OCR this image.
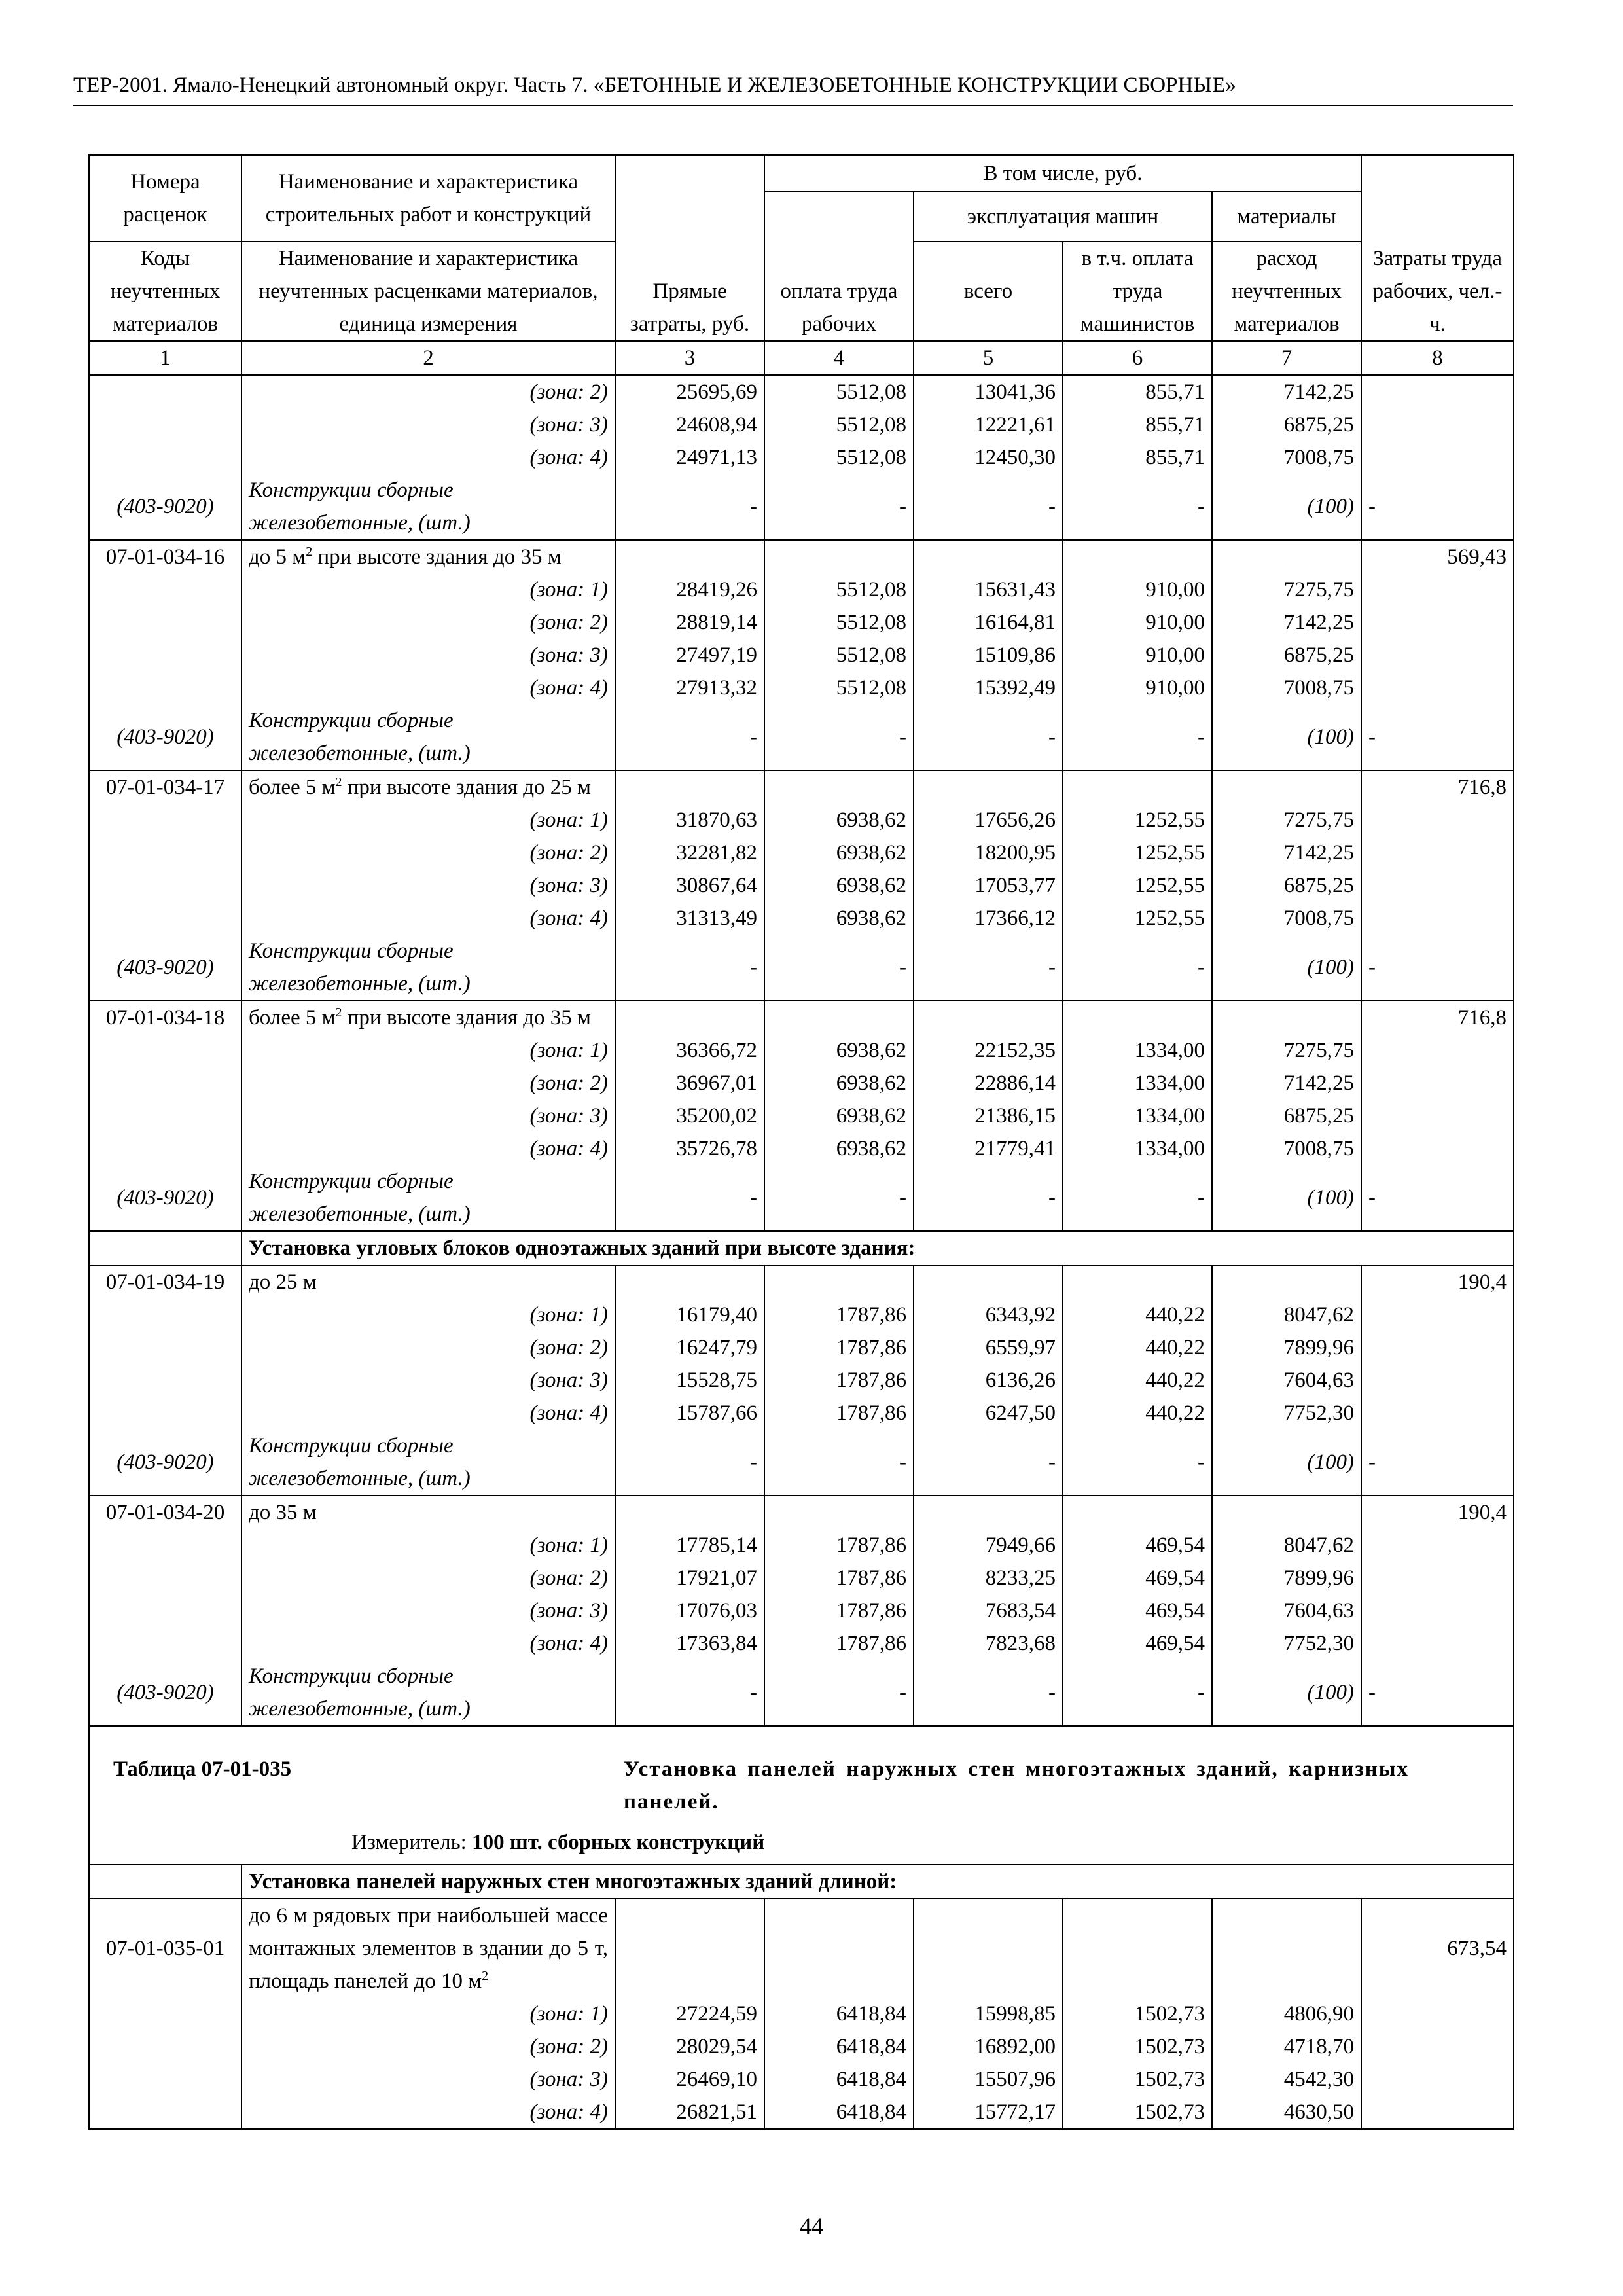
ТЕР-2001. Ямало-Ненецкий автономный округ. Часть 7. «БЕТОННЫЕ И ЖЕЛЕЗОБЕТОННЫЕ КОНСТРУКЦИИ СБОРНЫЕ»
Номера расценок	Наименование и характеристика строительных работ и конструкций	Прямые затраты, руб.	В том числе, руб.				Затраты труда рабочих, чел.-ч.
			оплата труда рабочих	эксплуатация машин		материалы	
Коды неучтенных материалов	Наименование и характеристика неучтенных расценками материалов, единица измерения			всего	в т.ч. оплата труда машинистов	расход неучтенных материалов	
1	2	3	4	5	6	7	8
	(зона: 2)	25695,69	5512,08	13041,36	855,71	7142,25	
	(зона: 3)	24608,94	5512,08	12221,61	855,71	6875,25	
	(зона: 4)	24971,13	5512,08	12450,30	855,71	7008,75	
(403-9020)	Конструкции сборные железобетонные, (шт.)	-	-	-	-	(100)	-
07-01-034-16	до 5 $м^2$ при высоте здания до 35 м						569,43
	(зона: 1)	28419,26	5512,08	15631,43	910,00	7275,75	
	(зона: 2)	28819,14	5512,08	16164,81	910,00	7142,25	
	(зона: 3)	27497,19	5512,08	15109,86	910,00	6875,25	
	(зона: 4)	27913,32	5512,08	15392,49	910,00	7008,75	
(403-9020)	Конструкции сборные железобетонные, (шт.)	-	-	-	-	(100)	-
07-01-034-17	более 5 $м^2$ при высоте здания до 25 м						716,8
	(зона: 1)	31870,63	6938,62	17656,26	1252,55	7275,75	
	(зона: 2)	32281,82	6938,62	18200,95	1252,55	7142,25	
	(зона: 3)	30867,64	6938,62	17053,77	1252,55	6875,25	
	(зона: 4)	31313,49	6938,62	17366,12	1252,55	7008,75	
(403-9020)	Конструкции сборные железобетонные, (шт.)	-	-	-	-	(100)	-
07-01-034-18	более 5 $м^2$ при высоте здания до 35 м						716,8
	(зона: 1)	36366,72	6938,62	22152,35	1334,00	7275,75	
	(зона: 2)	36967,01	6938,62	22886,14	1334,00	7142,25	
	(зона: 3)	35200,02	6938,62	21386,15	1334,00	6875,25	
	(зона: 4)	35726,78	6938,62	21779,41	1334,00	7008,75	
(403-9020)	Конструкции сборные железобетонные, (шт.)	-	-	-	-	(100)	-
	Установка угловых блоков одноэтажных зданий при высоте здания:						
07-01-034-19	до 25 м						190,4
	(зона: 1)	16179,40	1787,86	6343,92	440,22	8047,62	
	(зона: 2)	16247,79	1787,86	6559,97	440,22	7899,96	
	(зона: 3)	15528,75	1787,86	6136,26	440,22	7604,63	
	(зона: 4)	15787,66	1787,86	6247,50	440,22	7752,30	
(403-9020)	Конструкции сборные железобетонные, (шт.)	-	-	-	-	(100)	-
07-01-034-20	до 35 м						190,4
	(зона: 1)	17785,14	1787,86	7949,66	469,54	8047,62	
	(зона: 2)	17921,07	1787,86	8233,25	469,54	7899,96	
	(зона: 3)	17076,03	1787,86	7683,54	469,54	7604,63	
	(зона: 4)	17363,84	1787,86	7823,68	469,54	7752,30	
(403-9020)	Конструкции сборные железобетонные, (шт.)	-	-	-	-	(100)	-

Таблица 07-01-035 Установка панелей наружных стен многоэтажных зданий, карнизных панелей.
Измеритель: 100 шт. сборных конструкций							

	Установка панелей наружных стен многоэтажных зданий длиной:						
07-01-035-01	до 6 м рядовых при наибольшей массе монтажных элементов в здании до 5 т, площадь панелей до 10 $м^2$						673,54
	(зона: 1)	27224,59	6418,84	15998,85	1502,73	4806,90	
	(зона: 2)	28029,54	6418,84	16892,00	1502,73	4718,70	
	(зона: 3)	26469,10	6418,84	15507,96	1502,73	4542,30	
	(зона: 4)	26821,51	6418,84	15772,17	1502,73	4630,50	
44
